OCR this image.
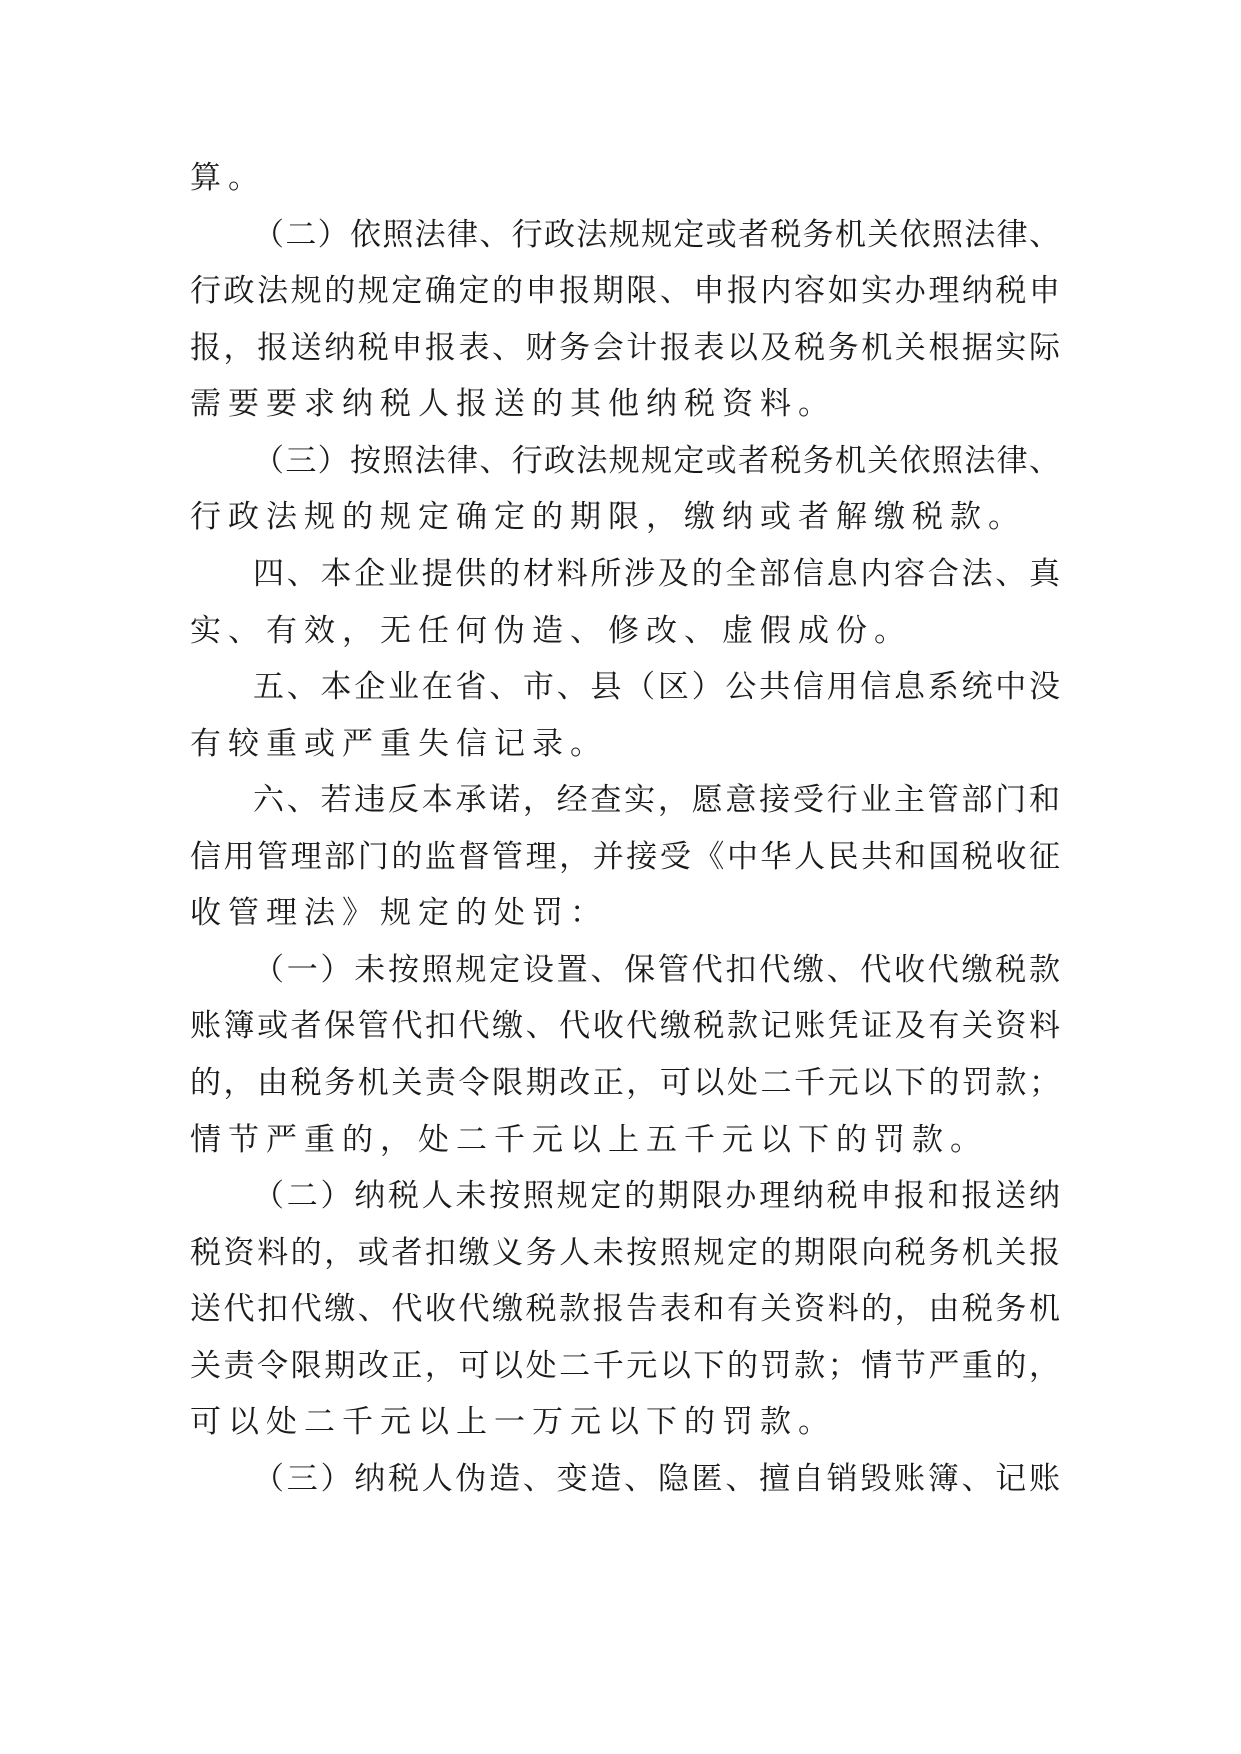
算。
（二）依照法律、行政法规规定或者税务机关依照法律、
行政法规的规定确定的申报期限、申报内容如实办理纳税申
报，报送纳税申报表、财务会计报表以及税务机关根据实际
需要要求纳税人报送的其他纳税资料。
（三）按照法律、行政法规规定或者税务机关依照法律、
行政法规的规定确定的期限，缴纳或者解缴税款。
四、本企业提供的材料所涉及的全部信息内容合法、真
实、有效，无任何伪造、修改、虚假成份。
五、本企业在省、市、县（区）公共信用信息系统中没
有较重或严重失信记录。
六、若违反本承诺，经查实，愿意接受行业主管部门和
信用管理部门的监督管理，并接受《中华人民共和国税收征
收管理法》规定的处罚：
（一）未按照规定设置、保管代扣代缴、代收代缴税款
账簿或者保管代扣代缴、代收代缴税款记账凭证及有关资料
的，由税务机关责令限期改正，可以处二千元以下的罚款；
情节严重的，处二千元以上五千元以下的罚款。
（二）纳税人未按照规定的期限办理纳税申报和报送纳
税资料的，或者扣缴义务人未按照规定的期限向税务机关报
送代扣代缴、代收代缴税款报告表和有关资料的，由税务机
关责令限期改正，可以处二千元以下的罚款；情节严重的，
可以处二千元以上一万元以下的罚款。
（三）纳税人伪造、变造、隐匿、擅自销毁账簿、记账
